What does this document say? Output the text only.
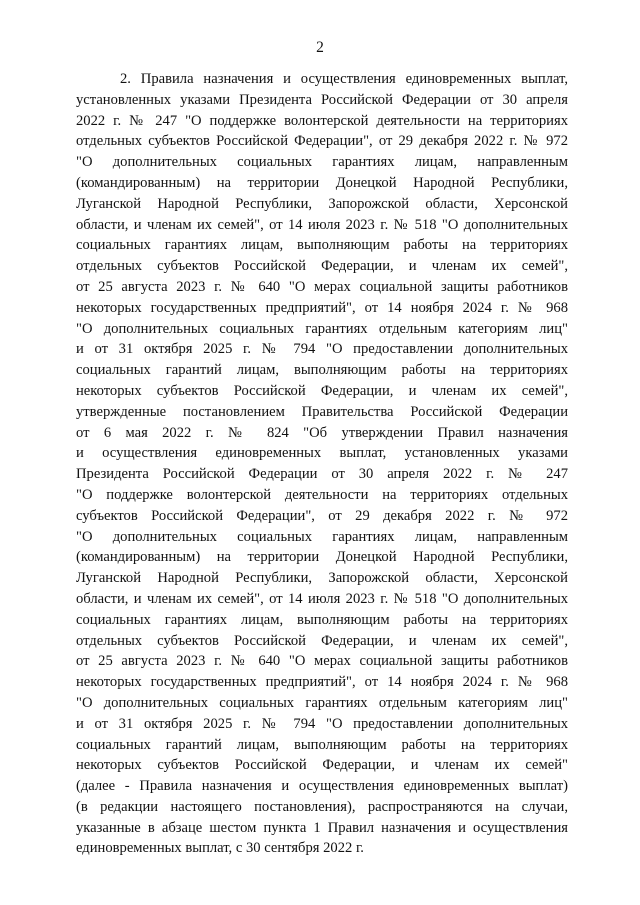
2
2. Правила назначения и осуществления единовременных выплат,
установленных указами Президента Российской Федерации от 30 апреля
2022 г. № 247 "О поддержке волонтерской деятельности на территориях
отдельных субъектов Российской Федерации", от 29 декабря 2022 г. № 972
"О дополнительных социальных гарантиях лицам, направленным
(командированным) на территории Донецкой Народной Республики,
Луганской Народной Республики, Запорожской области, Херсонской
области, и членам их семей", от 14 июля 2023 г. № 518 "О дополнительных
социальных гарантиях лицам, выполняющим работы на территориях
отдельных субъектов Российской Федерации, и членам их семей",
от 25 августа 2023 г. № 640 "О мерах социальной защиты работников
некоторых государственных предприятий", от 14 ноября 2024 г. № 968
"О дополнительных социальных гарантиях отдельным категориям лиц"
и от 31 октября 2025 г. № 794 "О предоставлении дополнительных
социальных гарантий лицам, выполняющим работы на территориях
некоторых субъектов Российской Федерации, и членам их семей",
утвержденные постановлением Правительства Российской Федерации
от 6 мая 2022 г. № 824 "Об утверждении Правил назначения
и осуществления единовременных выплат, установленных указами
Президента Российской Федерации от 30 апреля 2022 г. № 247
"О поддержке волонтерской деятельности на территориях отдельных
субъектов Российской Федерации", от 29 декабря 2022 г. № 972
"О дополнительных социальных гарантиях лицам, направленным
(командированным) на территории Донецкой Народной Республики,
Луганской Народной Республики, Запорожской области, Херсонской
области, и членам их семей", от 14 июля 2023 г. № 518 "О дополнительных
социальных гарантиях лицам, выполняющим работы на территориях
отдельных субъектов Российской Федерации, и членам их семей",
от 25 августа 2023 г. № 640 "О мерах социальной защиты работников
некоторых государственных предприятий", от 14 ноября 2024 г. № 968
"О дополнительных социальных гарантиях отдельным категориям лиц"
и от 31 октября 2025 г. № 794 "О предоставлении дополнительных
социальных гарантий лицам, выполняющим работы на территориях
некоторых субъектов Российской Федерации, и членам их семей"
(далее - Правила назначения и осуществления единовременных выплат)
(в редакции настоящего постановления), распространяются на случаи,
указанные в абзаце шестом пункта 1 Правил назначения и осуществления
единовременных выплат, с 30 сентября 2022 г.
